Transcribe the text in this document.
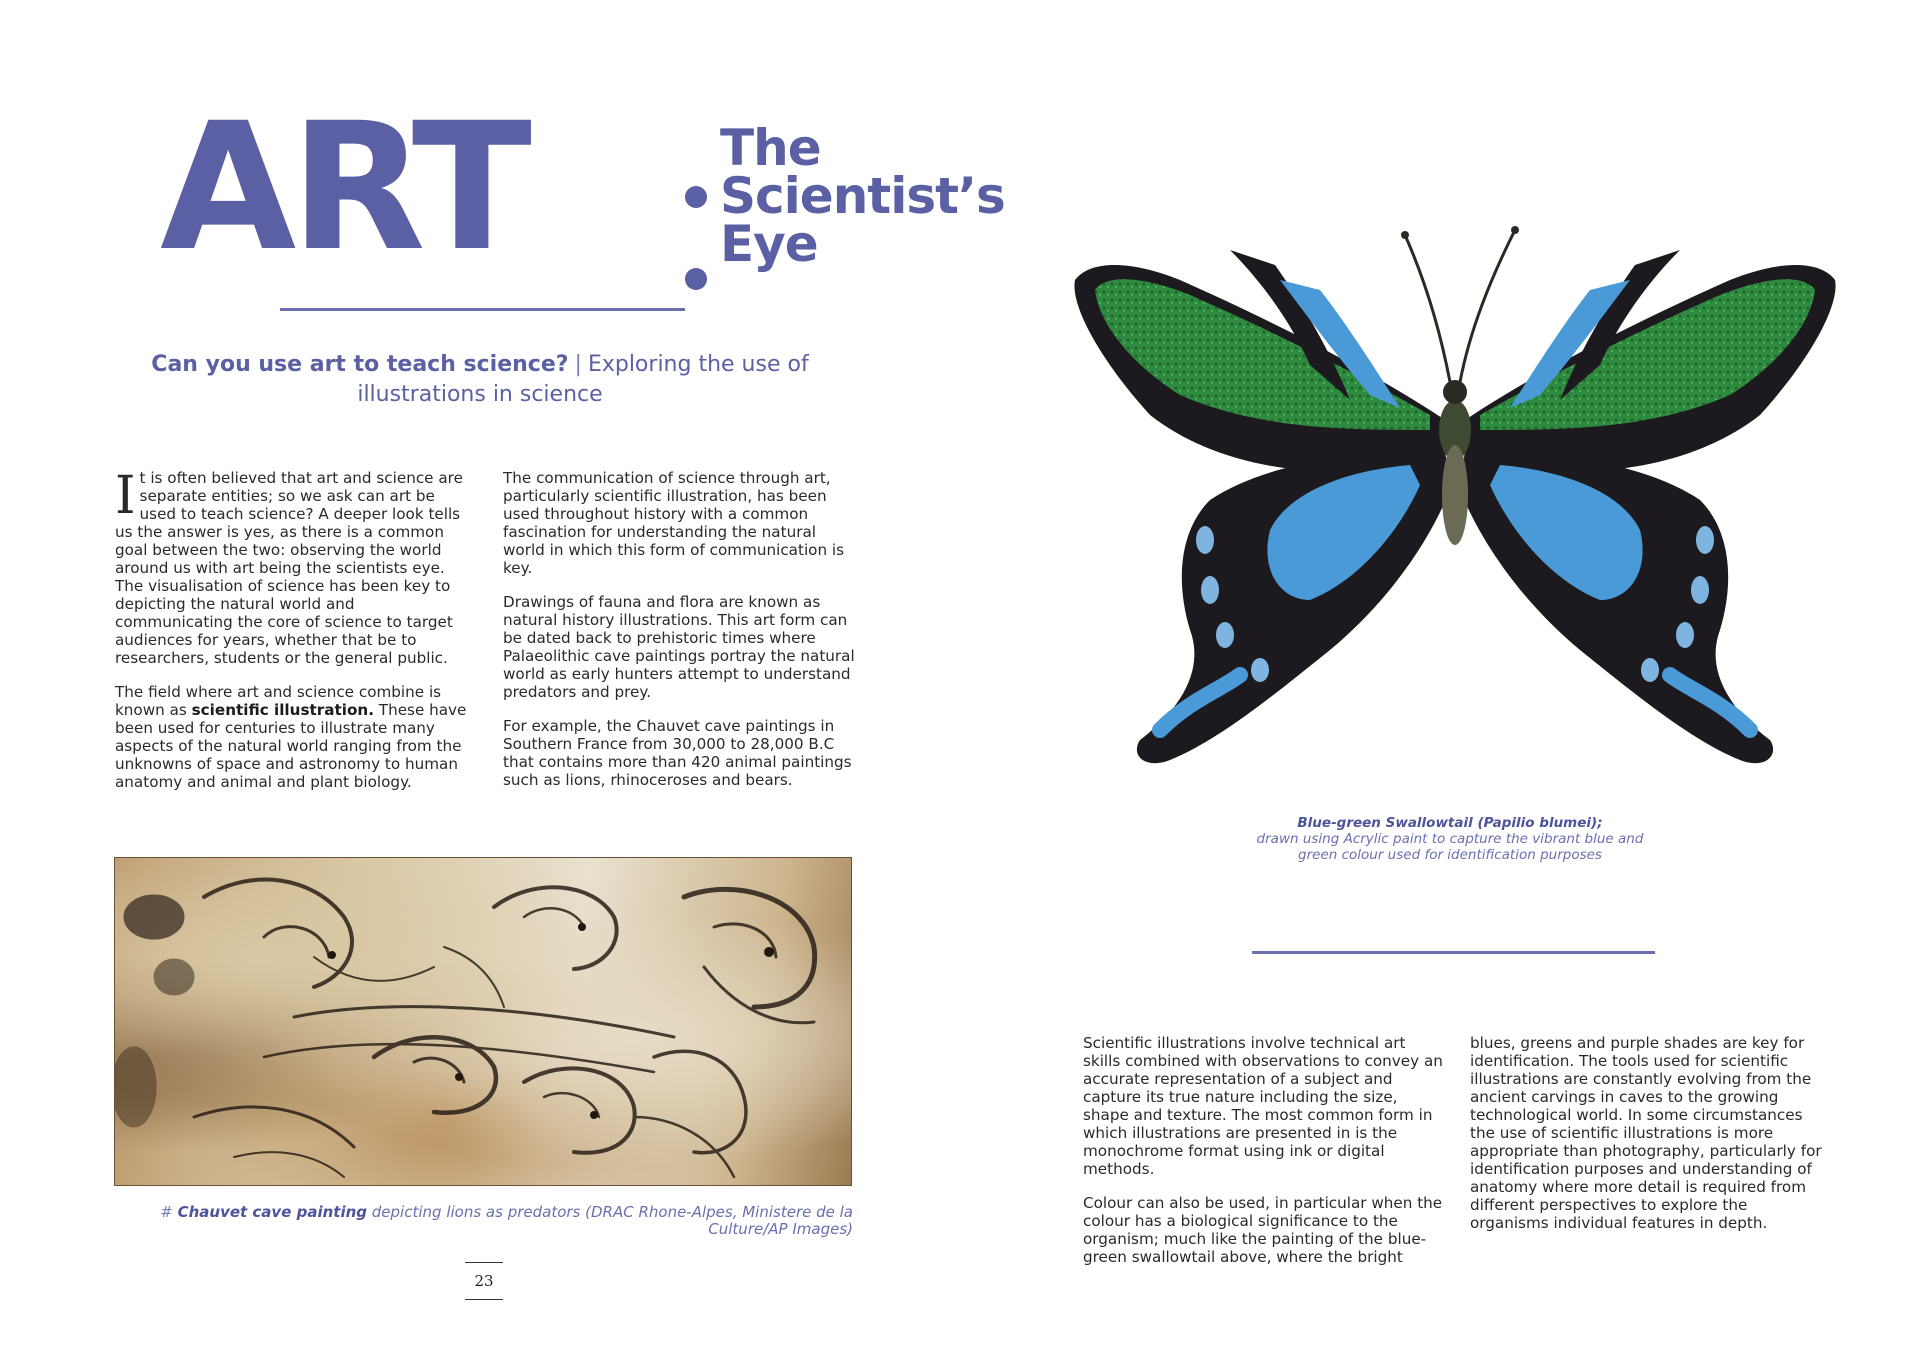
ART	The
Scientist’s
Eye
Can you use art to teach science? | Exploring the use of illustrations in science

It is often believed that art and science are separate entities; so we ask can art be used to teach science? A deeper look tells us the answer is yes, as there is a common goal between the two: observing the world around us with art being the scientists eye. The visualisation of science has been key to depicting the natural world and communicating the core of science to target audiences for years, whether that be to researchers, students or the general public.

The field where art and science combine is known as scientific illustration. These have been used for centuries to illustrate many aspects of the natural world ranging from the unknowns of space and astronomy to human anatomy and animal and plant biology.

The communication of science through art, particularly scientific illustration, has been used throughout history with a common fascination for understanding the natural world in which this form of communication is key.

Drawings of fauna and flora are known as natural history illustrations. This art form can be dated back to prehistoric times where Palaeolithic cave paintings portray the natural world as early hunters attempt to understand predators and prey.

For example, the Chauvet cave paintings in Southern France from 30,000 to 28,000 B.C that contains more than 420 animal paintings such as lions, rhinoceroses and bears.

# Chauvet cave painting depicting lions as predators (DRAC Rhone-Alpes, Ministere de la Culture/AP Images)
23
Blue-green Swallowtail (Papilio blumei);
drawn using Acrylic paint to capture the vibrant blue and green colour used for identification purposes

Scientific illustrations involve technical art skills combined with observations to convey an accurate representation of a subject and capture its true nature including the size, shape and texture. The most common form in which illustrations are presented in is the monochrome format using ink or digital methods.

Colour can also be used, in particular when the colour has a biological significance to the organism; much like the painting of the blue-green swallowtail above, where the bright

blues, greens and purple shades are key for identification. The tools used for scientific illustrations are constantly evolving from the ancient carvings in caves to the growing technological world. In some circumstances the use of scientific illustrations is more appropriate than photography, particularly for identification purposes and understanding of anatomy where more detail is required from different perspectives to explore the organisms individual features in depth.
